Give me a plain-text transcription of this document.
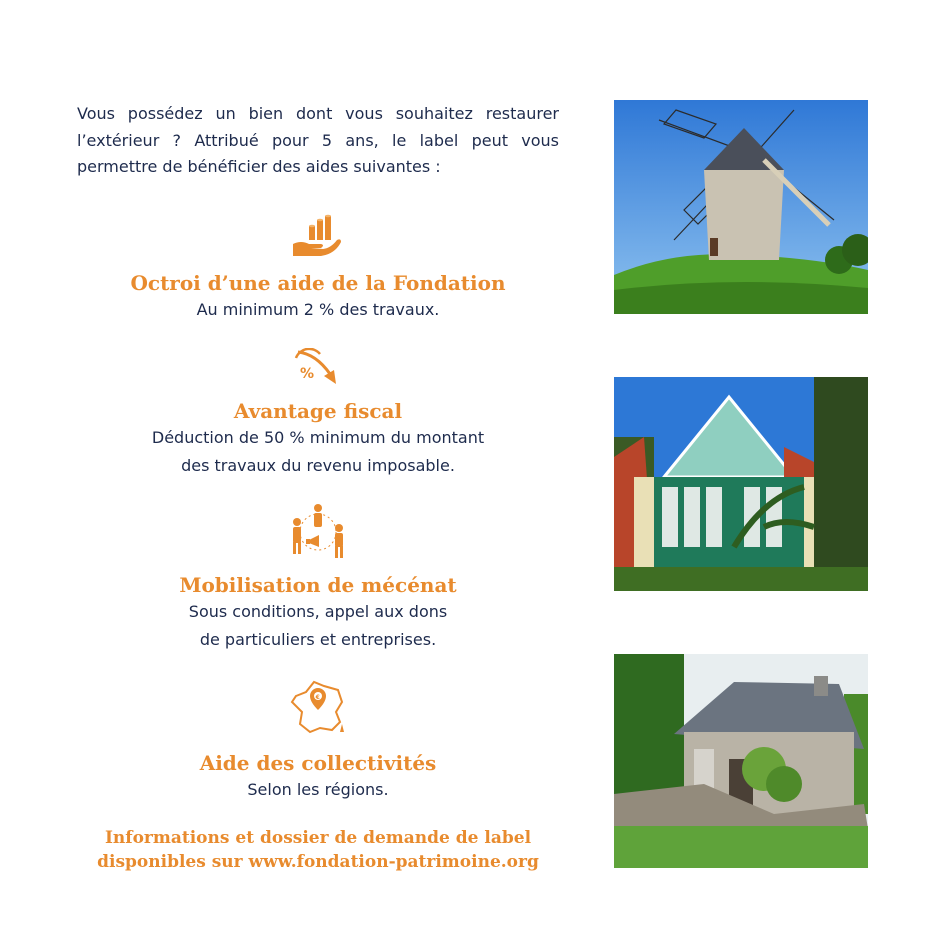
Vous possédez un bien dont vous souhaitez restaurer l’extérieur ? Attribué pour 5 ans, le label peut vous permettre de bénéficier des aides suivantes :

Octroi d’une aide de la Fondation

Au minimum 2 % des travaux.

%

Avantage fiscal

Déduction de 50 % minimum du montant

des travaux du revenu imposable.

Mobilisation de mécénat

Sous conditions, appel aux dons

de particuliers et entreprises.

€

Aide des collectivités

Selon les régions.

Informations et dossier de demande de label
disponibles sur www.fondation-patrimoine.org
